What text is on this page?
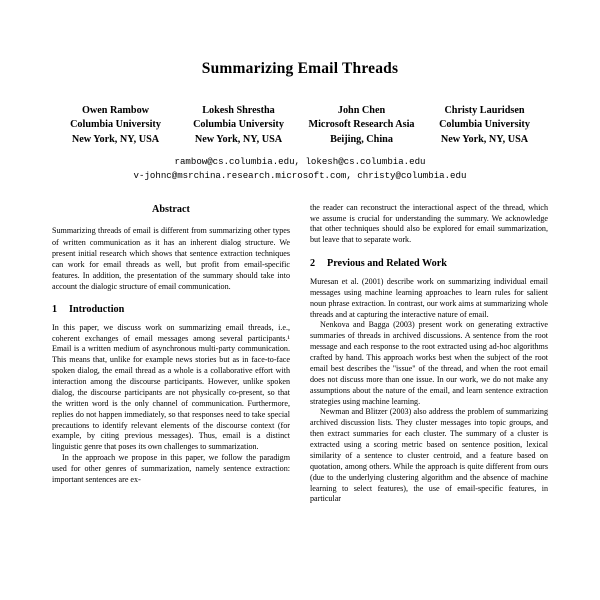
Summarizing Email Threads
Owen Rambow
Columbia University
New York, NY, USA
Lokesh Shrestha
Columbia University
New York, NY, USA
John Chen
Microsoft Research Asia
Beijing, China
Christy Lauridsen
Columbia University
New York, NY, USA
rambow@cs.columbia.edu, lokesh@cs.columbia.edu
v-johnc@msrchina.research.microsoft.com, christy@columbia.edu
Abstract
Summarizing threads of email is different from summarizing other types of written communication as it has an inherent dialog structure. We present initial research which shows that sentence extraction techniques can work for email threads as well, but profit from email-specific features. In addition, the presentation of the summary should take into account the dialogic structure of email communication.
1	Introduction

In this paper, we discuss work on summarizing email threads, i.e., coherent exchanges of email messages among several participants.¹ Email is a written medium of asynchronous multi-party communication. This means that, unlike for example news stories but as in face-to-face spoken dialog, the email thread as a whole is a collaborative effort with interaction among the discourse participants. However, unlike spoken dialog, the discourse participants are not physically co-present, so that the written word is the only channel of communication. Furthermore, replies do not happen immediately, so that responses need to take special precautions to identify relevant elements of the discourse context (for example, by citing previous messages). Thus, email is a distinct linguistic genre that poses its own challenges to summarization.

In the approach we propose in this paper, we follow the paradigm used for other genres of summarization, namely sentence extraction: important sentences are ex-

the reader can reconstruct the interactional aspect of the thread, which we assume is crucial for understanding the summary. We acknowledge that other techniques should also be explored for email summarization, but leave that to separate work.

2	Previous and Related Work

Muresan et al. (2001) describe work on summarizing individual email messages using machine learning approaches to learn rules for salient noun phrase extraction. In contrast, our work aims at summarizing whole threads and at capturing the interactive nature of email.

Nenkova and Bagga (2003) present work on generating extractive summaries of threads in archived discussions. A sentence from the root message and each response to the root extracted using ad-hoc algorithms crafted by hand. This approach works best when the subject of the root email best describes the "issue" of the thread, and when the root email does not discuss more than one issue. In our work, we do not make any assumptions about the nature of the email, and learn sentence extraction strategies using machine learning.

Newman and Blitzer (2003) also address the problem of summarizing archived discussion lists. They cluster messages into topic groups, and then extract summaries for each cluster. The summary of a cluster is extracted using a scoring metric based on sentence position, lexical similarity of a sentence to cluster centroid, and a feature based on quotation, among others. While the approach is quite different from ours (due to the underlying clustering algorithm and the absence of machine learning to select features), the use of email-specific features, in particular
